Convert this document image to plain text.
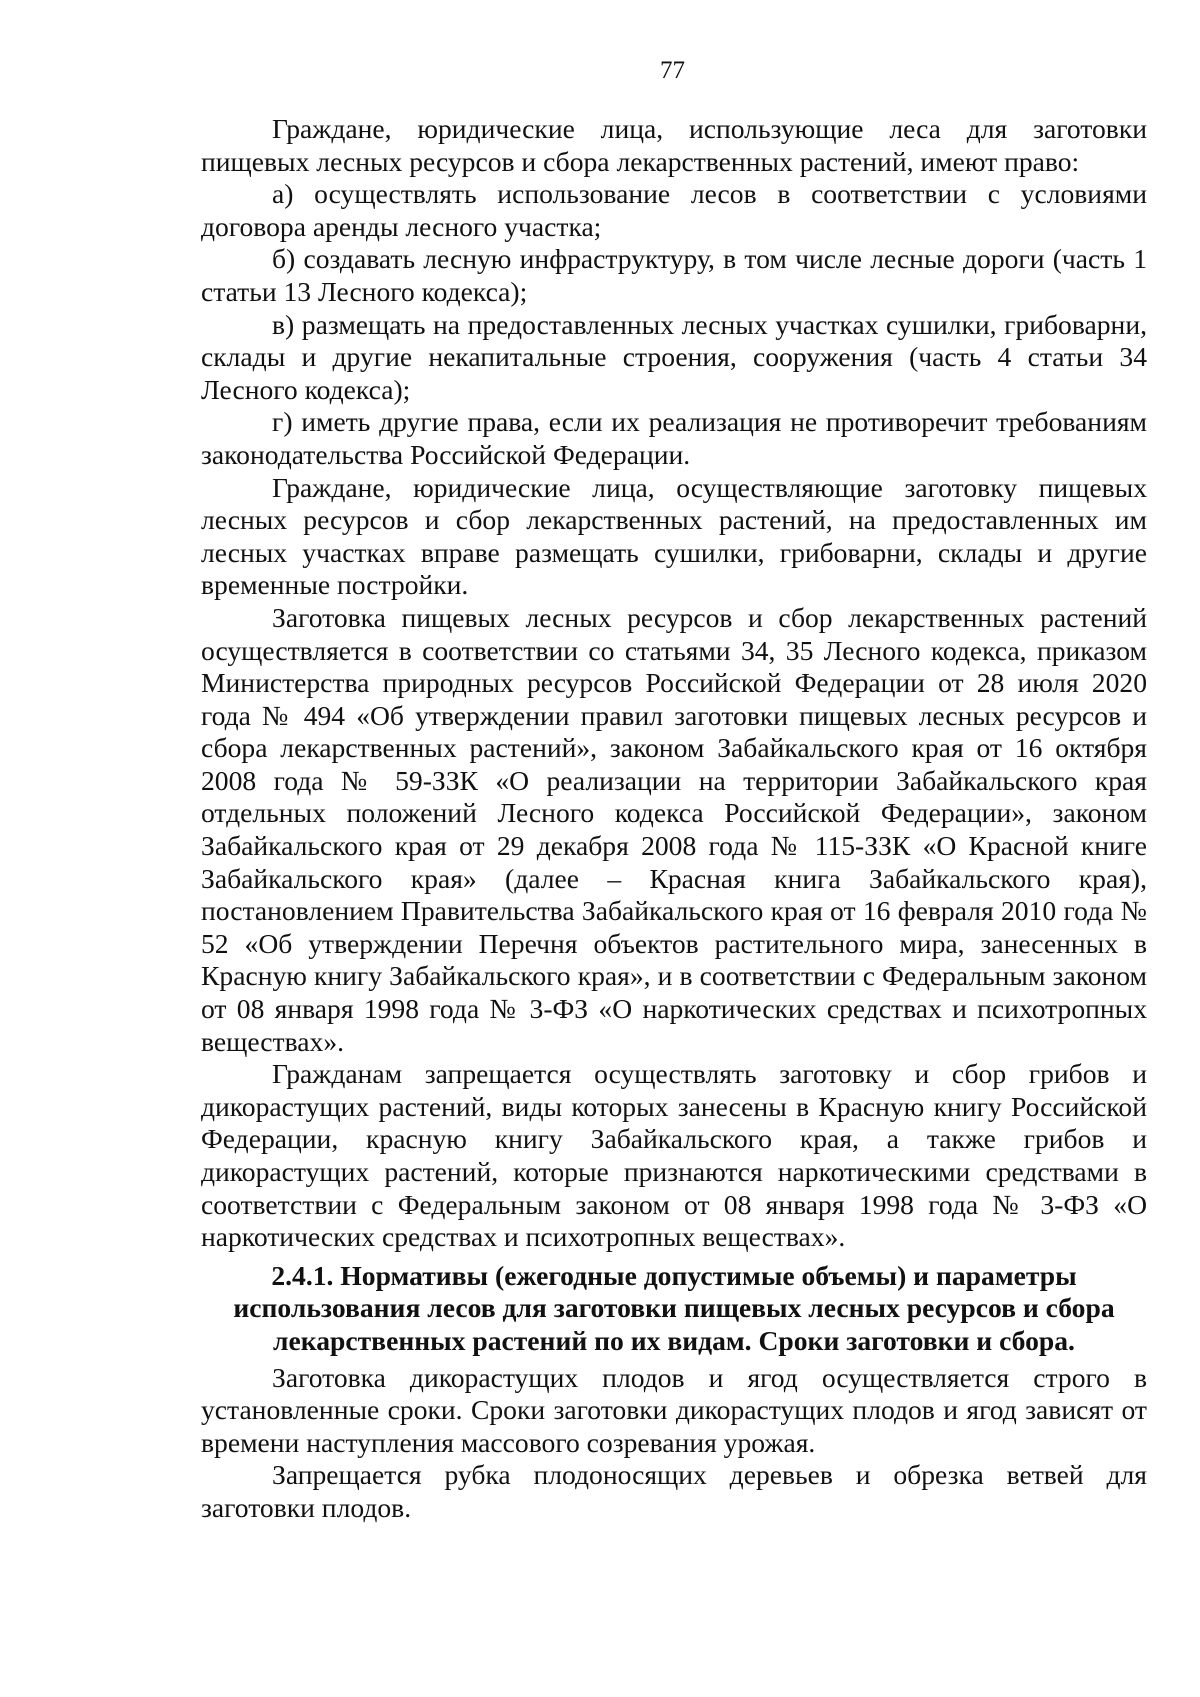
77

Граждане, юридические лица, использующие леса для заготовки пищевых лесных ресурсов и сбора лекарственных растений, имеют право:

а) осуществлять использование лесов в соответствии с условиями договора аренды лесного участка;

б) создавать лесную инфраструктуру, в том числе лесные дороги (часть 1 статьи 13 Лесного кодекса);

в) размещать на предоставленных лесных участках сушилки, грибоварни, склады и другие некапитальные строения, сооружения (часть 4 статьи 34 Лесного кодекса);

г) иметь другие права, если их реализация не противоречит требованиям законодательства Российской Федерации.

Граждане, юридические лица, осуществляющие заготовку пищевых лесных ресурсов и сбор лекарственных растений, на предоставленных им лесных участках вправе размещать сушилки, грибоварни, склады и другие временные постройки.

Заготовка пищевых лесных ресурсов и сбор лекарственных растений осуществляется в соответствии со статьями 34, 35 Лесного кодекса, приказом Министерства природных ресурсов Российской Федерации от 28 июля 2020 года № 494 «Об утверждении правил заготовки пищевых лесных ресурсов и сбора лекарственных растений», законом Забайкальского края от 16 октября 2008 года № 59-ЗЗК «О реализации на территории Забайкальского края отдельных положений Лесного кодекса Российской Федерации», законом Забайкальского края от 29 декабря 2008 года № 115-ЗЗК «О Красной книге Забайкальского края» (далее – Красная книга Забайкальского края), постановлением Правительства Забайкальского края от 16 февраля 2010 года № 52 «Об утверждении Перечня объектов растительного мира, занесенных в Красную книгу Забайкальского края», и в соответствии с Федеральным законом от 08 января 1998 года № 3-ФЗ «О наркотических средствах и психотропных веществах».

Гражданам запрещается осуществлять заготовку и сбор грибов и дикорастущих растений, виды которых занесены в Красную книгу Российской Федерации, красную книгу Забайкальского края, а также грибов и дикорастущих растений, которые признаются наркотическими средствами в соответствии с Федеральным законом от 08 января 1998 года № 3-ФЗ «О наркотических средствах и психотропных веществах».

2.4.1. Нормативы (ежегодные допустимые объемы) и параметры использования лесов для заготовки пищевых лесных ресурсов и сбора лекарственных растений по их видам. Сроки заготовки и сбора.

Заготовка дикорастущих плодов и ягод осуществляется строго в установленные сроки. Сроки заготовки дикорастущих плодов и ягод зависят от времени наступления массового созревания урожая.

Запрещается рубка плодоносящих деревьев и обрезка ветвей для заготовки плодов.
